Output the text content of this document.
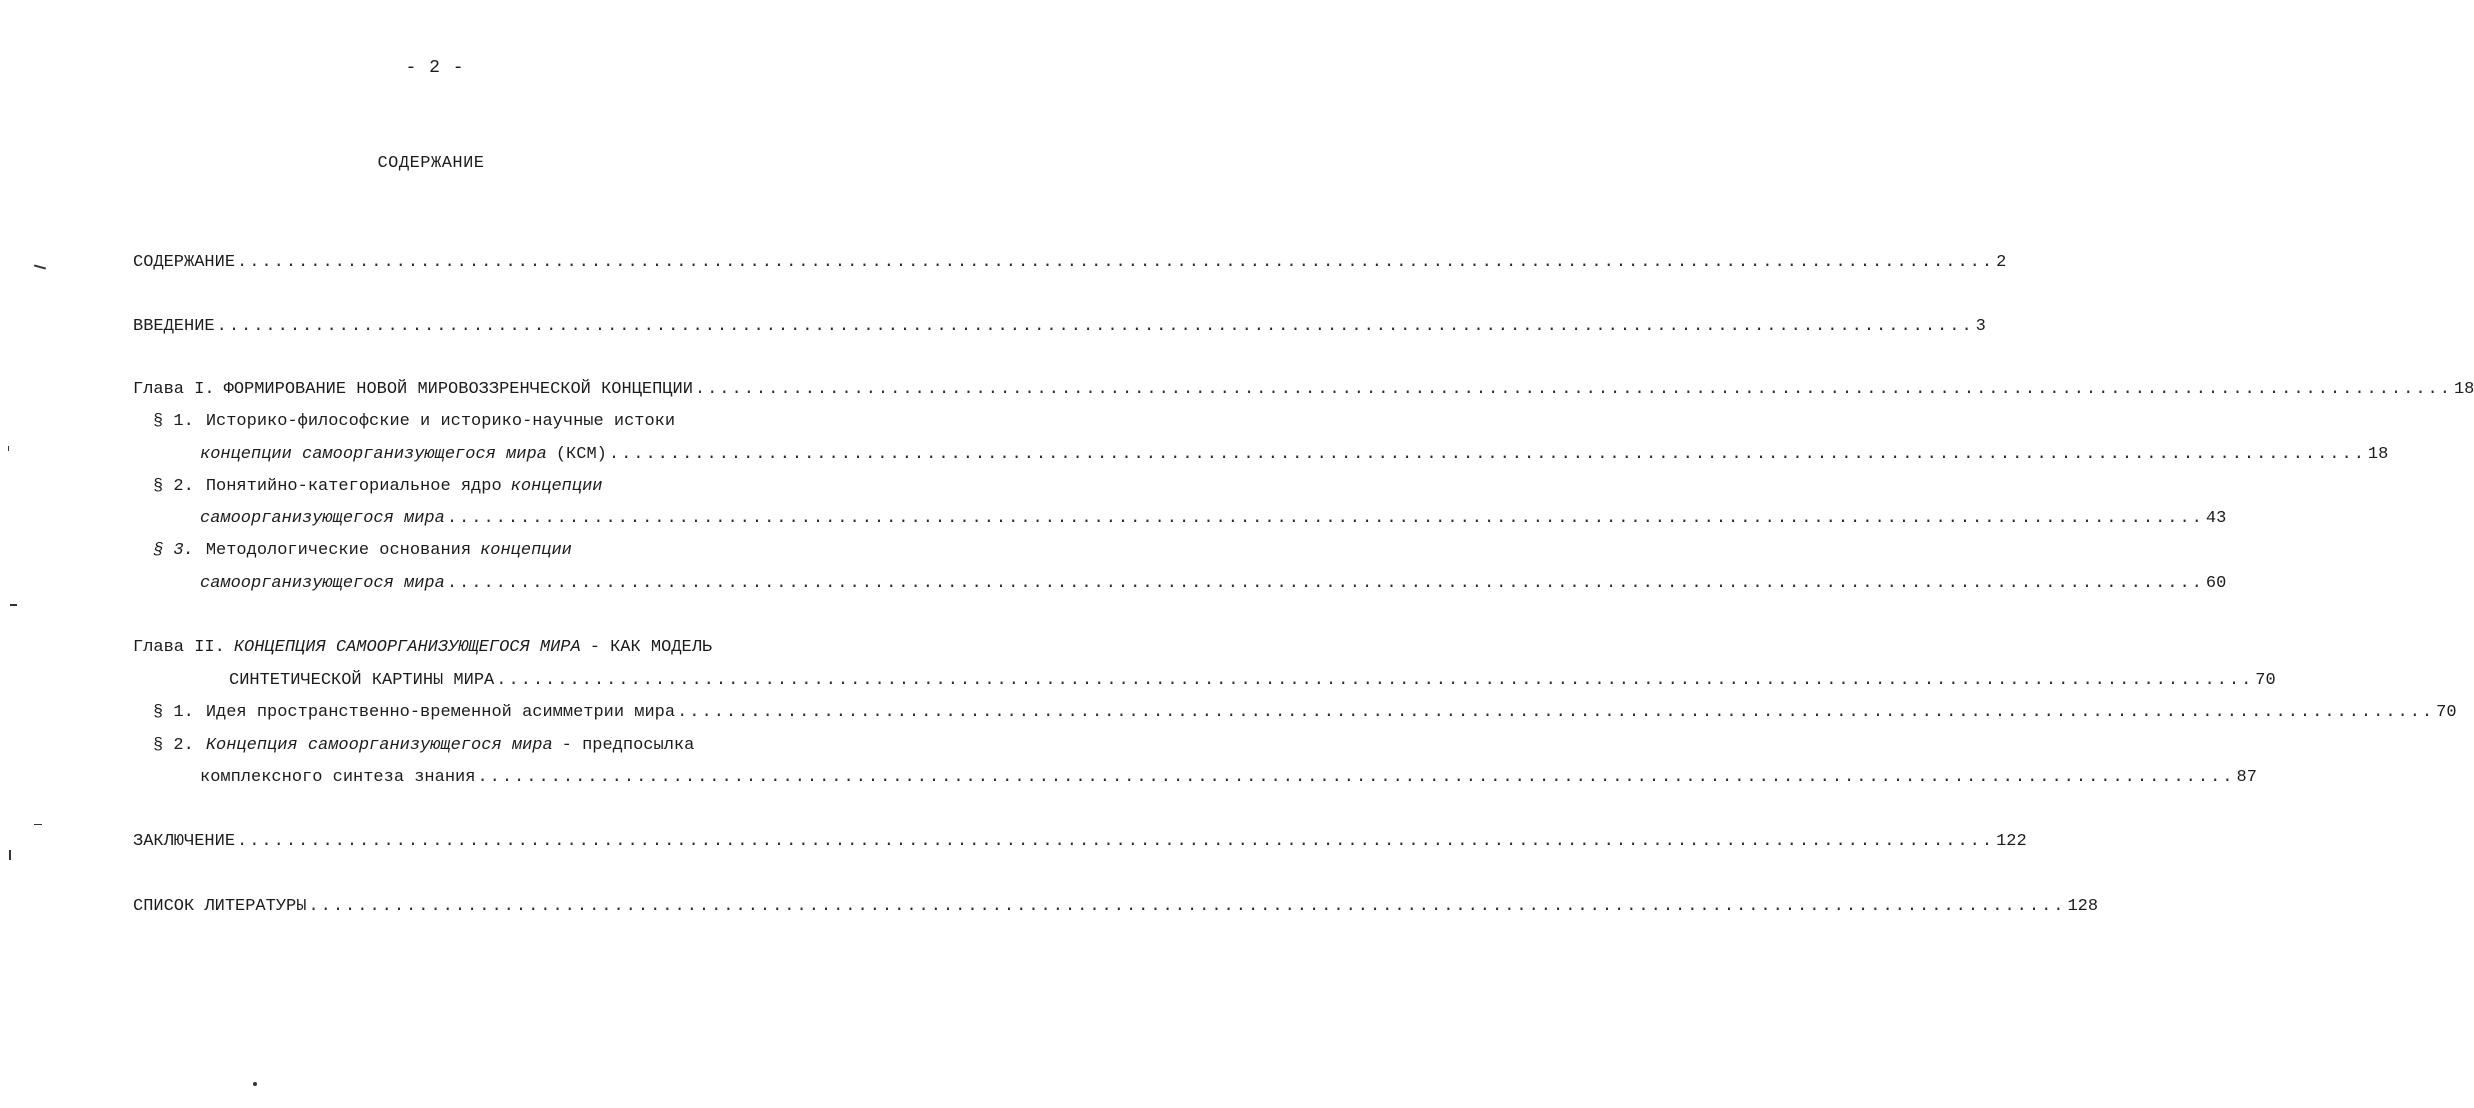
- 2 -
СОДЕРЖАНИЕ
СОДЕРЖАНИЕ ................................................................................................................................................ 2
ВВЕДЕНИЕ ................................................................................................................................................ 3
Глава I. ФОРМИРОВАНИЕ НОВОЙ МИРОВОЗЗРЕНЧЕСКОЙ КОНЦЕПЦИИ ................................................................................................................................................ 18
§ 1. Историко-философские и историко-научные истоки
концепции самоорганизующегося мира (КСМ) ................................................................................................................................................ 18
§ 2. Понятийно-категориальное ядро концепции
самоорганизующегося мира ................................................................................................................................................ 43
§ 3. Методологические основания концепции
самоорганизующегося мира ................................................................................................................................................ 60
Глава II. КОНЦЕПЦИЯ САМООРГАНИЗУЮЩЕГОСЯ МИРА - КАК МОДЕЛЬ
СИНТЕТИЧЕСКОЙ КАРТИНЫ МИРА ................................................................................................................................................ 70
§ 1. Идея пространственно-временной асимметрии мира ................................................................................................................................................ 70
§ 2. Концепция самоорганизующегося мира - предпосылка
комплексного синтеза знания ................................................................................................................................................ 87
ЗАКЛЮЧЕНИЕ ................................................................................................................................................ 122
СПИСОК ЛИТЕРАТУРЫ ................................................................................................................................................ 128
